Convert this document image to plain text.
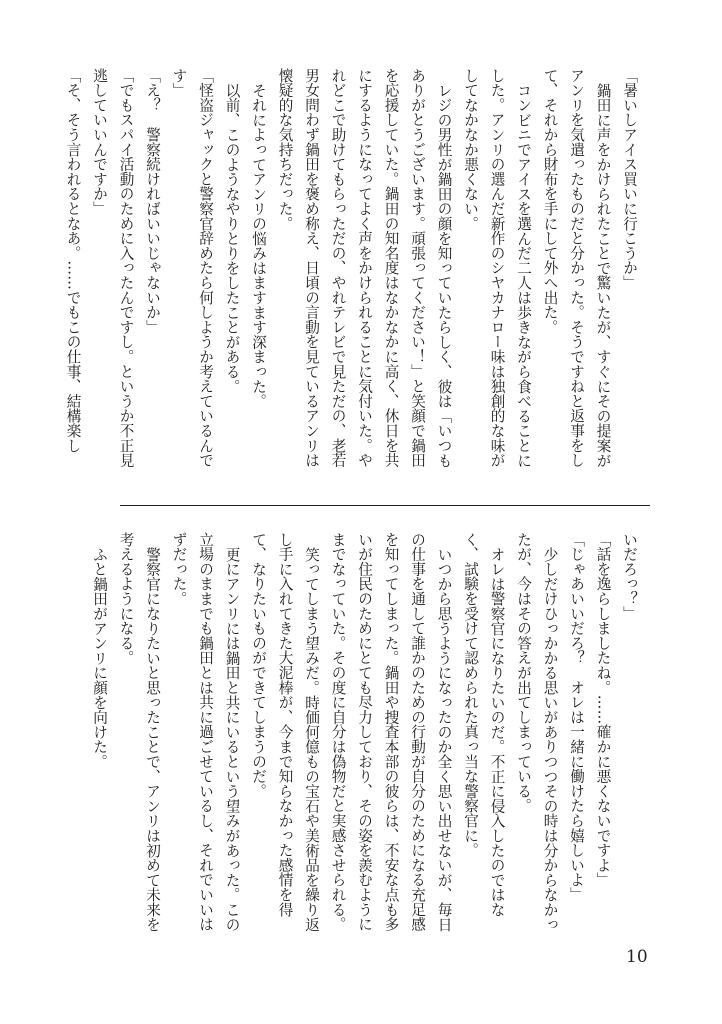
「暑いしアイス買いに行こうか」

鍋田に声をかけられたことで驚いたが、すぐにその提案がアンリを気遣ったものだと分かった。そうですねと返事をして、それから財布を手にして外へ出た。

コンビニでアイスを選んだ二人は歩きながら食べることにした。アンリの選んだ新作のシヤカナロー味は独創的な味がしてなかなか悪くない。

レジの男性が鍋田の顔を知っていたらしく、彼は「いつもありがとうございます。頑張ってください！」と笑顔で鍋田を応援していた。鍋田の知名度はなかなかに高く、休日を共にするようになってよく声をかけられることに気付いた。やれどこで助けてもらっただの、やれテレビで見ただの、老若男女問わず鍋田を褒め称え、日頃の言動を見ているアンリは懐疑的な気持ちだった。

それによってアンリの悩みはますます深まった。

以前、このようなやりとりをしたことがある。

「怪盗ジャックと警察官辞めたら何しようか考えているんです」

「え？　警察続ければいいじゃないか」

「でもスパイ活動のために入ったんですし。というか不正見逃していいんですか」

「そ、そう言われるとなあ。……でもこの仕事、結構楽し

いだろっ？」

「話を逸らしましたね。……確かに悪くないですよ」

「じゃあいいだろ？　オレは一緒に働けたら嬉しいよ」

少しだけひっかかる思いがありつつその時は分からなかったが、今はその答えが出てしまっている。

オレは警察官になりたいのだ。不正に侵入したのではなく、試験を受けて認められた真っ当な警察官に。

いつから思うようになったのか全く思い出せないが、毎日の仕事を通して誰かのための行動が自分のためになる充足感を知ってしまった。鍋田や捜査本部の彼らは、不安な点も多いが住民のためにとても尽力しており、その姿を羨むようにまでなっていた。その度に自分は偽物だと実感させられる。

笑ってしまう望みだ。時価何億もの宝石や美術品を繰り返し手に入れてきた大泥棒が、今まで知らなかった感情を得て、なりたいものができてしまうのだ。

更にアンリには鍋田と共にいるという望みがあった。この立場のままでも鍋田とは共に過ごせているし、それでいいはずだった。

警察官になりたいと思ったことで、アンリは初めて未来を考えるようになる。

ふと鍋田がアンリに顔を向けた。

10
